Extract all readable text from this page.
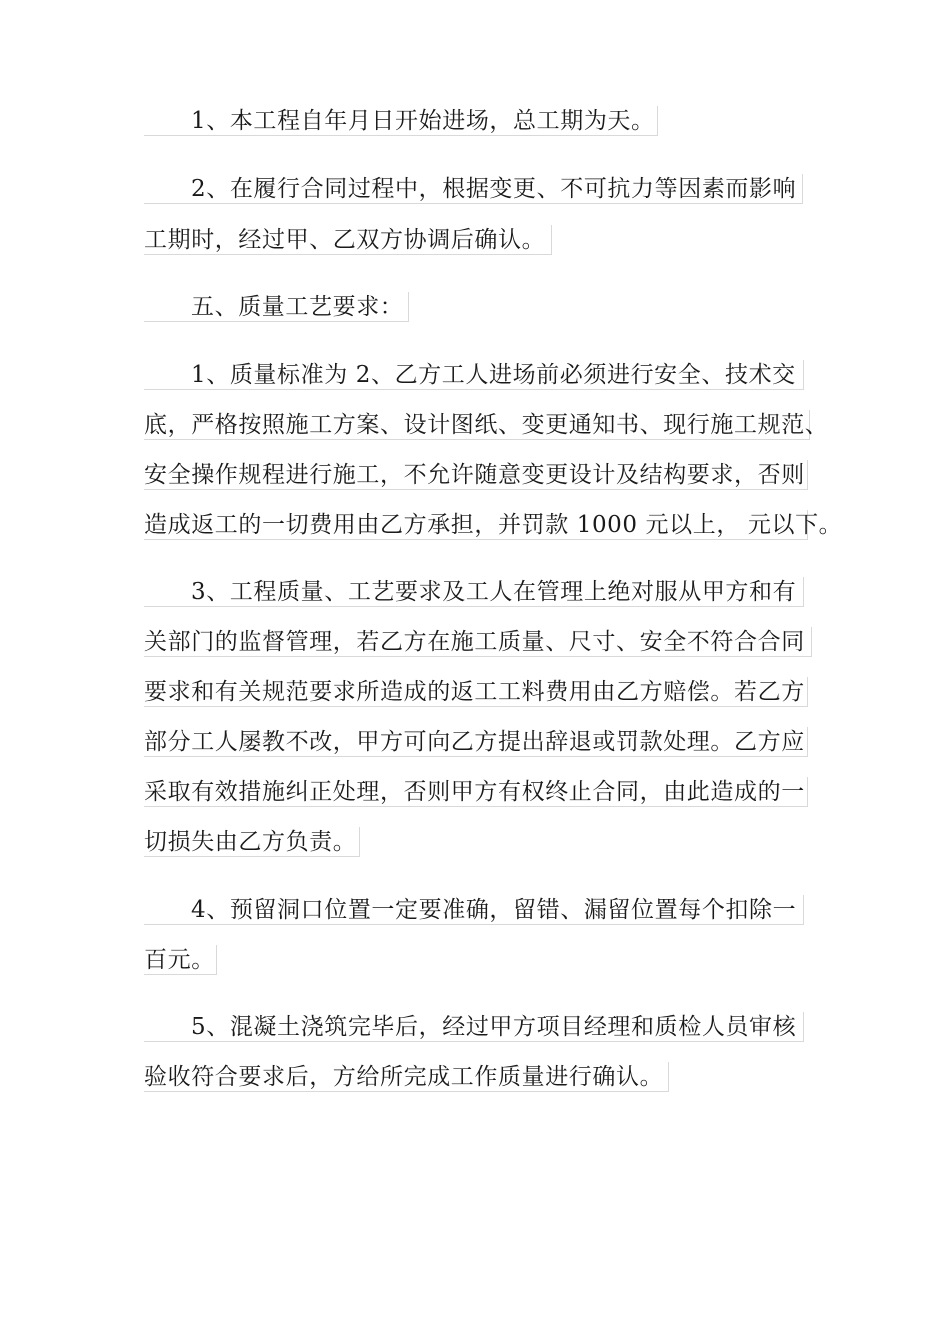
1、本工程自年月日开始进场，总工期为天。
2、在履行合同过程中，根据变更、不可抗力等因素而影响
工期时，经过甲、乙双方协调后确认。
五、质量工艺要求：
1、质量标准为 2、乙方工人进场前必须进行安全、技术交
底，严格按照施工方案、设计图纸、变更通知书、现行施工规范、
安全操作规程进行施工，不允许随意变更设计及结构要求，否则
造成返工的一切费用由乙方承担，并罚款 1000 元以上， 元以下。
3、工程质量、工艺要求及工人在管理上绝对服从甲方和有
关部门的监督管理，若乙方在施工质量、尺寸、安全不符合合同
要求和有关规范要求所造成的返工工料费用由乙方赔偿。若乙方
部分工人屡教不改，甲方可向乙方提出辞退或罚款处理。乙方应
采取有效措施纠正处理，否则甲方有权终止合同，由此造成的一
切损失由乙方负责。
4、预留洞口位置一定要准确，留错、漏留位置每个扣除一
百元。
5、混凝土浇筑完毕后，经过甲方项目经理和质检人员审核
验收符合要求后，方给所完成工作质量进行确认。
